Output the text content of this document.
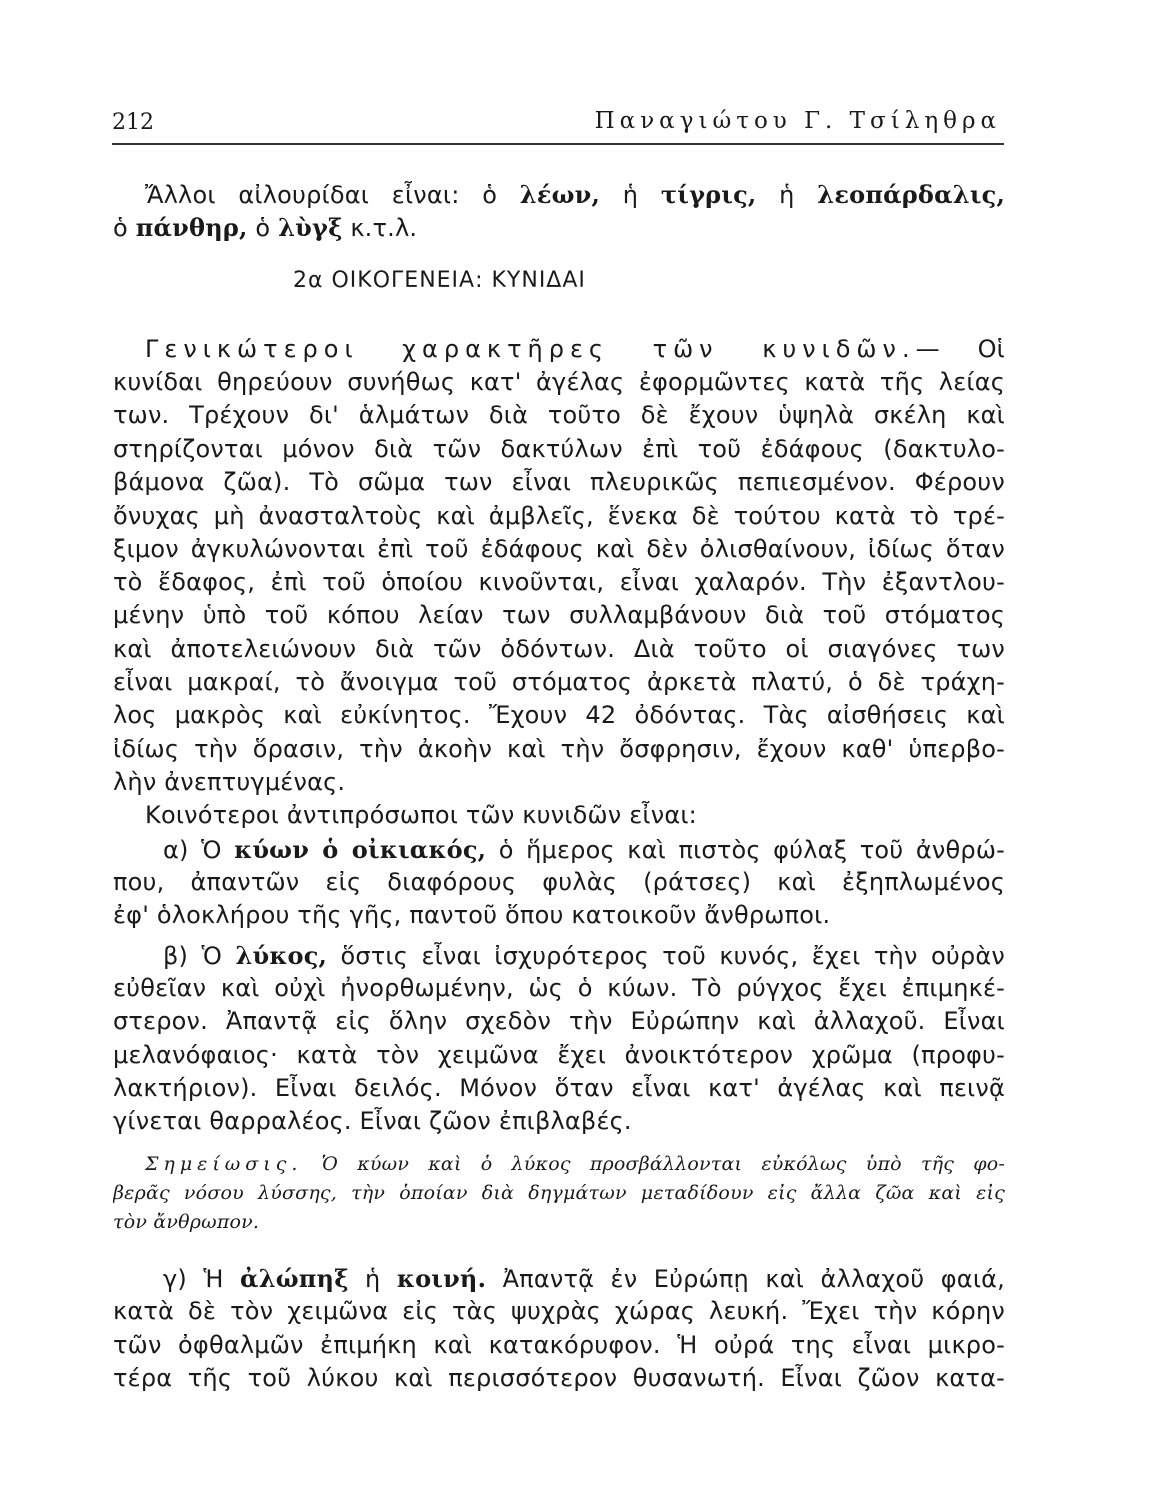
212	Παναγιώτου Γ. Τσίληθρα
Ἄλλοι αἰλουρίδαι εἶναι: ὁ λέων, ἡ τίγρις, ἡ λεοπάρδαλις,
ὁ πάνθηρ, ὁ λὺγξ κ.τ.λ.
2α ΟΙΚΟΓΕΝΕΙΑ: ΚΥΝΙΔΑΙ
Γενικώτεροι χαρακτῆρες τῶν κυνιδῶν.— Οἱ
κυνίδαι θηρεύουν συνήθως κατ' ἀγέλας ἐφορμῶντες κατὰ τῆς λείας
των. Τρέχουν δι' ἁλμάτων διὰ τοῦτο δὲ ἔχουν ὑψηλὰ σκέλη καὶ
στηρίζονται μόνον διὰ τῶν δακτύλων ἐπὶ τοῦ ἐδάφους (δακτυλο-
βάμονα ζῶα). Τὸ σῶμα των εἶναι πλευρικῶς πεπιεσμένον. Φέρουν
ὄνυχας μὴ ἀνασταλτοὺς καὶ ἀμβλεῖς, ἕνεκα δὲ τούτου κατὰ τὸ τρέ-
ξιμον ἀγκυλώνονται ἐπὶ τοῦ ἐδάφους καὶ δὲν ὀλισθαίνουν, ἰδίως ὅταν
τὸ ἔδαφος, ἐπὶ τοῦ ὁποίου κινοῦνται, εἶναι χαλαρόν. Τὴν ἐξαντλου-
μένην ὑπὸ τοῦ κόπου λείαν των συλλαμβάνουν διὰ τοῦ στόματος
καὶ ἀποτελειώνουν διὰ τῶν ὀδόντων. Διὰ τοῦτο οἱ σιαγόνες των
εἶναι μακραί, τὸ ἄνοιγμα τοῦ στόματος ἀρκετὰ πλατύ, ὁ δὲ τράχη-
λος μακρὸς καὶ εὐκίνητος. Ἔχουν 42 ὀδόντας. Τὰς αἰσθήσεις καὶ
ἰδίως τὴν ὅρασιν, τὴν ἀκοὴν καὶ τὴν ὄσφρησιν, ἔχουν καθ' ὑπερβο-
λὴν ἀνεπτυγμένας.
Κοινότεροι ἀντιπρόσωποι τῶν κυνιδῶν εἶναι:
α) Ὁ κύων ὁ οἰκιακός, ὁ ἥμερος καὶ πιστὸς φύλαξ τοῦ ἀνθρώ-
που, ἀπαντῶν εἰς διαφόρους φυλὰς (ράτσες) καὶ ἐξηπλωμένος
ἐφ' ὁλοκλήρου τῆς γῆς, παντοῦ ὅπου κατοικοῦν ἄνθρωποι.
β) Ὁ λύκος, ὅστις εἶναι ἰσχυρότερος τοῦ κυνός, ἔχει τὴν οὐρὰν
εὐθεῖαν καὶ οὐχὶ ἠνορθωμένην, ὡς ὁ κύων. Τὸ ρύγχος ἔχει ἐπιμηκέ-
στερον. Ἀπαντᾷ εἰς ὅλην σχεδὸν τὴν Εὐρώπην καὶ ἀλλαχοῦ. Εἶναι
μελανόφαιος· κατὰ τὸν χειμῶνα ἔχει ἀνοικτότερον χρῶμα (προφυ-
λακτήριον). Εἶναι δειλός. Μόνον ὅταν εἶναι κατ' ἀγέλας καὶ πεινᾷ
γίνεται θαρραλέος. Εἶναι ζῶον ἐπιβλαβές.
Σημείωσις. Ὁ κύων καὶ ὁ λύκος προσβάλλονται εὐκόλως ὑπὸ τῆς φο-
βερᾶς νόσου λύσσης, τὴν ὁποίαν διὰ δηγμάτων μεταδίδουν εἰς ἄλλα ζῶα καὶ εἰς
τὸν ἄνθρωπον.
γ) Ἡ ἀλώπηξ ἡ κοινή. Ἀπαντᾷ ἐν Εὐρώπῃ καὶ ἀλλαχοῦ φαιά,
κατὰ δὲ τὸν χειμῶνα εἰς τὰς ψυχρὰς χώρας λευκή. Ἔχει τὴν κόρην
τῶν ὀφθαλμῶν ἐπιμήκη καὶ κατακόρυφον. Ἡ οὐρά της εἶναι μικρο-
τέρα τῆς τοῦ λύκου καὶ περισσότερον θυσανωτή. Εἶναι ζῶον κατα-
